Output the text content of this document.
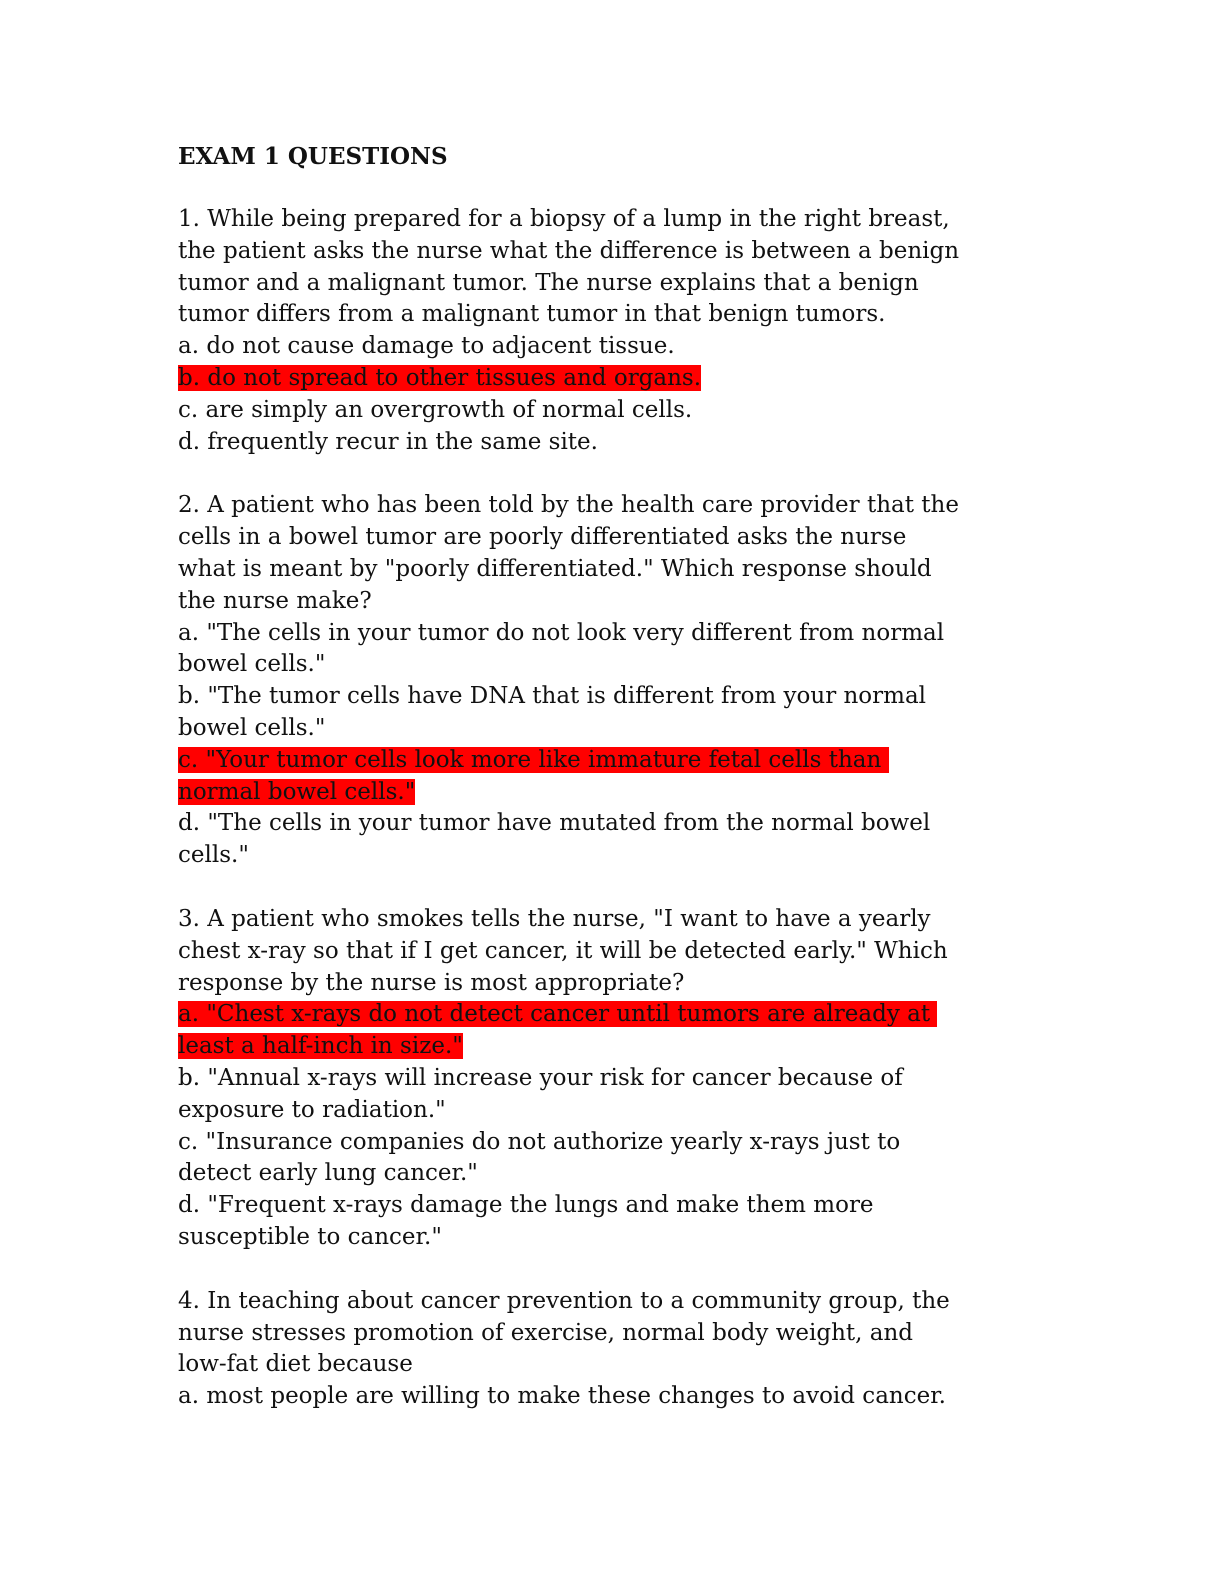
EXAM 1 QUESTIONS
1. While being prepared for a biopsy of a lump in the right breast,
the patient asks the nurse what the difference is between a benign
tumor and a malignant tumor. The nurse explains that a benign
tumor differs from a malignant tumor in that benign tumors.
a. do not cause damage to adjacent tissue.
b. do not spread to other tissues and organs.
c. are simply an overgrowth of normal cells.
d. frequently recur in the same site.
2. A patient who has been told by the health care provider that the
cells in a bowel tumor are poorly differentiated asks the nurse
what is meant by "poorly differentiated." Which response should
the nurse make?
a. "The cells in your tumor do not look very different from normal
bowel cells."
b. "The tumor cells have DNA that is different from your normal
bowel cells."
c. "Your tumor cells look more like immature fetal cells than
normal bowel cells."
d. "The cells in your tumor have mutated from the normal bowel
cells."
3. A patient who smokes tells the nurse, "I want to have a yearly
chest x-ray so that if I get cancer, it will be detected early." Which
response by the nurse is most appropriate?
a. "Chest x-rays do not detect cancer until tumors are already at
least a half-inch in size."
b. "Annual x-rays will increase your risk for cancer because of
exposure to radiation."
c. "Insurance companies do not authorize yearly x-rays just to
detect early lung cancer."
d. "Frequent x-rays damage the lungs and make them more
susceptible to cancer."
4. In teaching about cancer prevention to a community group, the
nurse stresses promotion of exercise, normal body weight, and
low-fat diet because
a. most people are willing to make these changes to avoid cancer.
